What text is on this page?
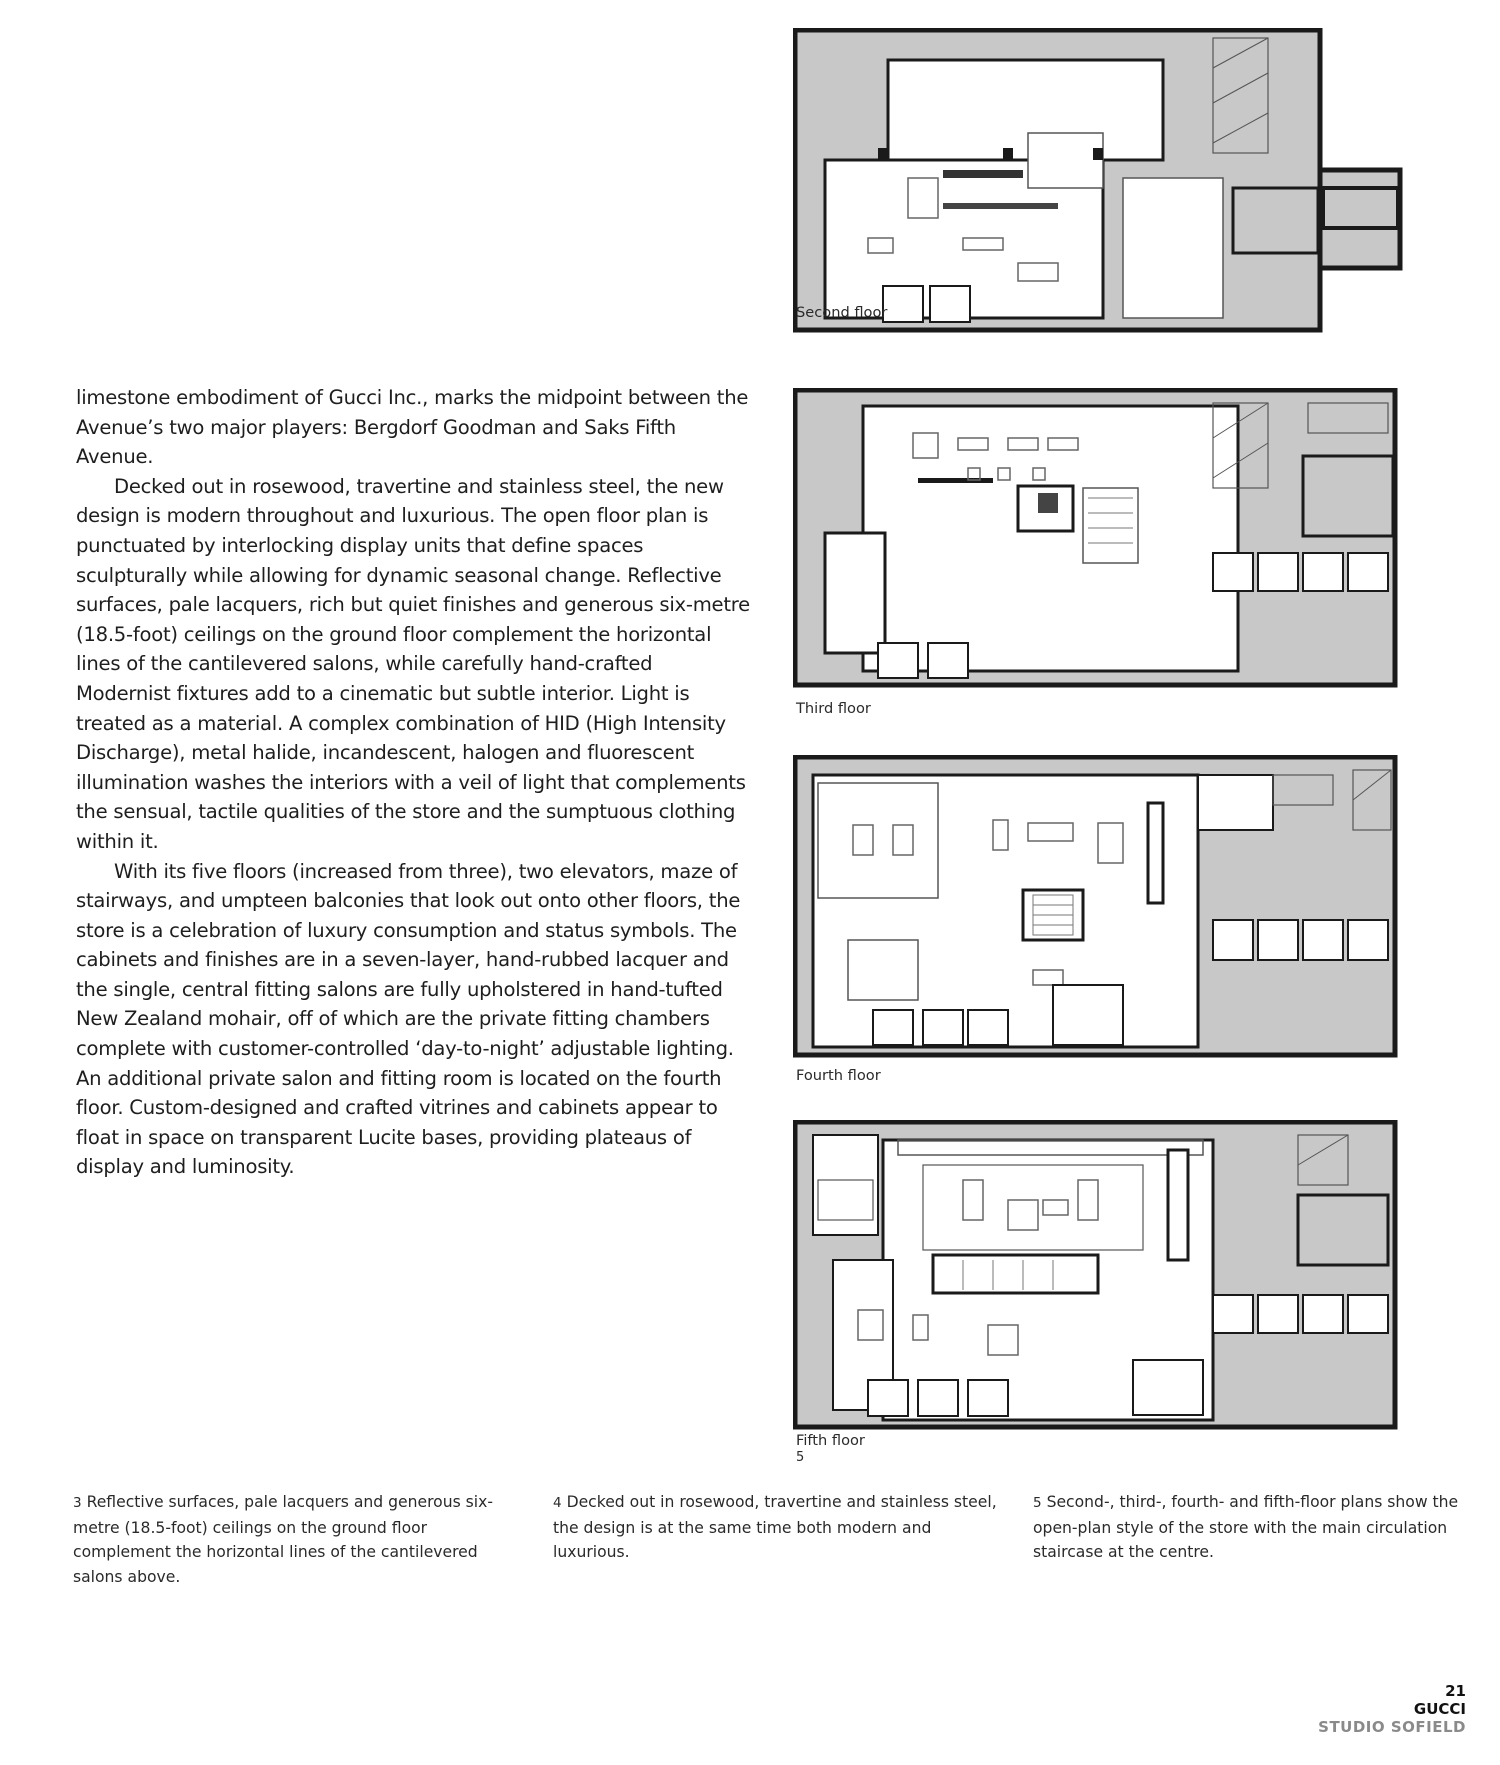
limestone embodiment of Gucci Inc., marks the midpoint between the Avenue’s two major players: Bergdorf Goodman and Saks Fifth Avenue.

Decked out in rosewood, travertine and stainless steel, the new design is modern throughout and luxurious. The open floor plan is punctuated by interlocking display units that define spaces sculpturally while allowing for dynamic seasonal change. Reflective surfaces, pale lacquers, rich but quiet finishes and generous six-metre (18.5-foot) ceilings on the ground floor complement the horizontal lines of the cantilevered salons, while carefully hand-crafted Modernist fixtures add to a cinematic but subtle interior. Light is treated as a material. A complex combination of HID (High Intensity Discharge), metal halide, incandescent, halogen and fluorescent illumination washes the interiors with a veil of light that complements the sensual, tactile qualities of the store and the sumptuous clothing within it.

With its five floors (increased from three), two elevators, maze of stairways, and umpteen balconies that look out onto other floors, the store is a celebration of luxury consumption and status symbols. The cabinets and finishes are in a seven-layer, hand-rubbed lacquer and the single, central fitting salons are fully upholstered in hand-tufted New Zealand mohair, off of which are the private fitting chambers complete with customer-controlled ‘day-to-night’ adjustable lighting. An additional private salon and fitting room is located on the fourth floor. Custom-designed and crafted vitrines and cabinets appear to float in space on transparent Lucite bases, providing plateaus of display and luminosity.

Second floor
Third floor
Fourth floor
Fifth floor
5
3 Reflective surfaces, pale lacquers and generous six-metre (18.5-foot) ceilings on the ground floor complement the horizontal lines of the cantilevered salons above.
4 Decked out in rosewood, travertine and stainless steel, the design is at the same time both modern and luxurious.
5 Second-, third-, fourth- and fifth-floor plans show the open-plan style of the store with the main circulation staircase at the centre.
21
GUCCI
STUDIO SOFIELD
